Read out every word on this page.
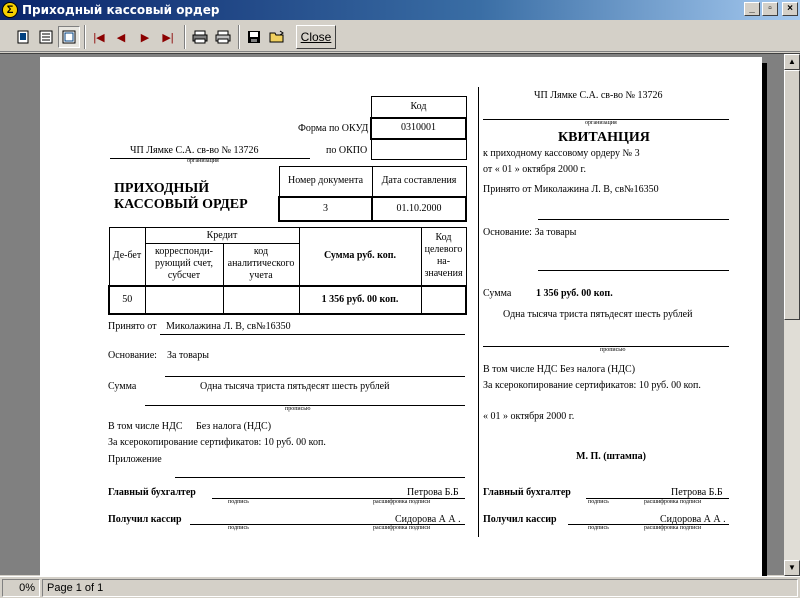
Σ Приходный кассовый ордер	_	▫	×
|◀ ◀ ▶ ▶|	Close
Код
0310001

Форма по ОКУД
по ОКПО
ЧП Лямке С.А. св-во № 13726
организация
Номер документа	Дата составления
3	01.10.2000
ПРИХОДНЫЙ
КАССОВЫЙ ОРДЕР
Де-бет	Кредит		Сумма руб. коп.	Код целевого на-значения
	корреспонди-рующий счет, субсчет	код аналитического учета		
50			1 356 руб. 00 коп.	
Принято от Миколажина Л. В, св№16350
Основание: За товары
Сумма	Одна тысяча триста пятьдесят шесть рублей
прописью
В том числе НДС Без налога (НДС)
За ксерокопирование сертификатов: 10 руб. 00 коп.
Приложение
Главный бухгалтер	Петрова Б.Б
подпись	расшифровка подписи
Получил кассир	Сидорова А А .
подпись	расшифровка подписи
ЧП Лямке С.А. св-во № 13726
организация
КВИТАНЦИЯ
к приходному кассовому ордеру № 3
от « 01 » октября 2000 г.
Принято от Миколажина Л. В, св№16350
Основание: За товары
Сумма 1 356 руб. 00 коп.
Одна тысяча триста пятьдесят шесть рублей
прописью
В том числе НДС Без налога (НДС)
За ксерокопирование сертификатов: 10 руб. 00 коп.
« 01 » октября 2000 г.
М. П. (штампа)
Главный бухгалтер	Петрова Б.Б
подпись	расшифровка подписи
Получил кассир	Сидорова А А .
подпись	расшифровка подписи
▲
▼
0%	Page 1 of 1
